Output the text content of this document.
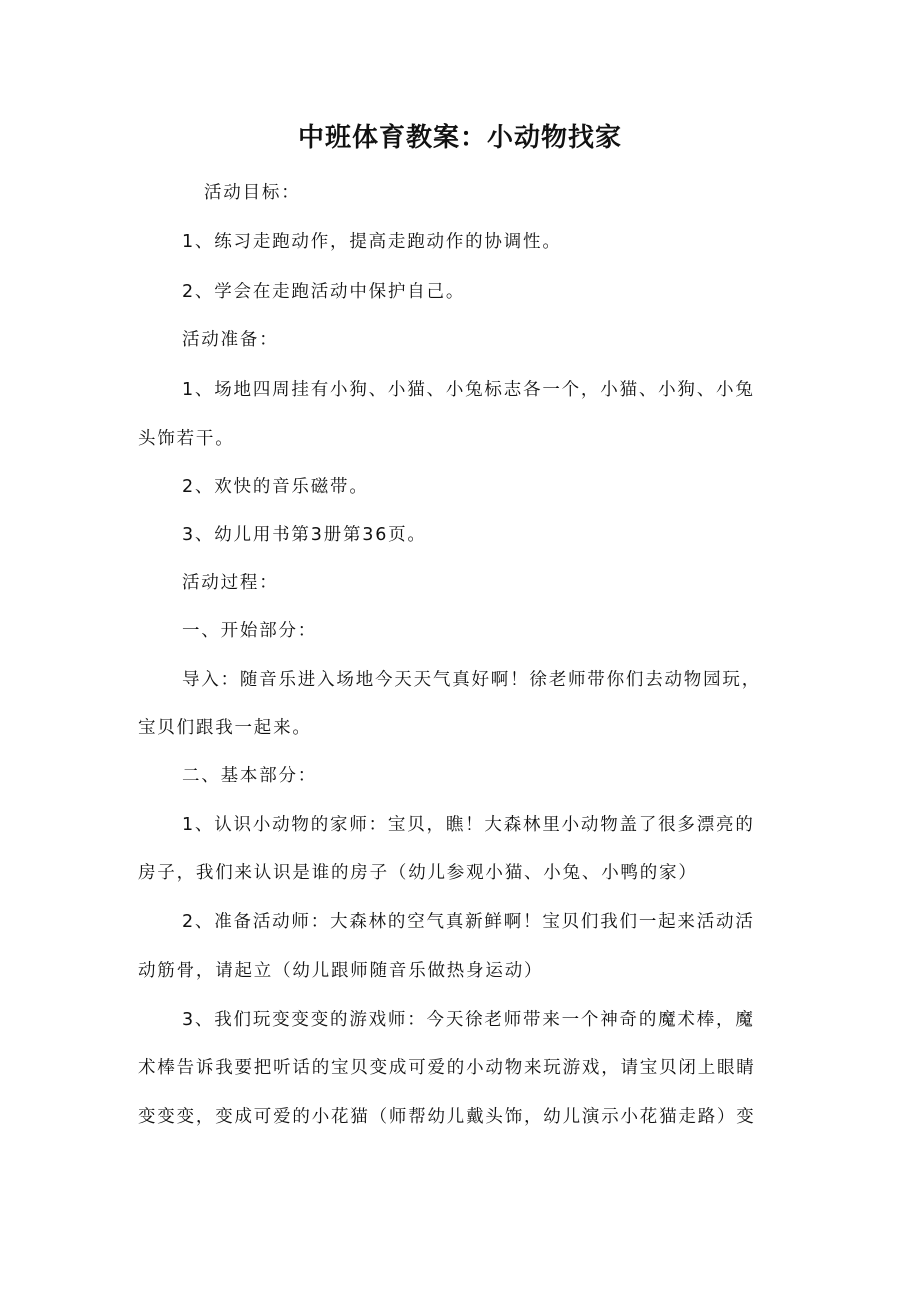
中班体育教案：小动物找家
活动目标：
1、练习走跑动作，提高走跑动作的协调性。
2、学会在走跑活动中保护自己。
活动准备：
1、场地四周挂有小狗、小猫、小兔标志各一个，小猫、小狗、小兔
头饰若干。
2、欢快的音乐磁带。
3、幼儿用书第3册第36页。
活动过程：
一、开始部分：
导入：随音乐进入场地今天天气真好啊！徐老师带你们去动物园玩，
宝贝们跟我一起来。
二、基本部分：
1、认识小动物的家师：宝贝，瞧！大森林里小动物盖了很多漂亮的
房子，我们来认识是谁的房子（幼儿参观小猫、小兔、小鸭的家）
2、准备活动师：大森林的空气真新鲜啊！宝贝们我们一起来活动活
动筋骨，请起立（幼儿跟师随音乐做热身运动）
3、我们玩变变变的游戏师：今天徐老师带来一个神奇的魔术棒，魔
术棒告诉我要把听话的宝贝变成可爱的小动物来玩游戏，请宝贝闭上眼睛
变变变，变成可爱的小花猫（师帮幼儿戴头饰，幼儿演示小花猫走路）变
